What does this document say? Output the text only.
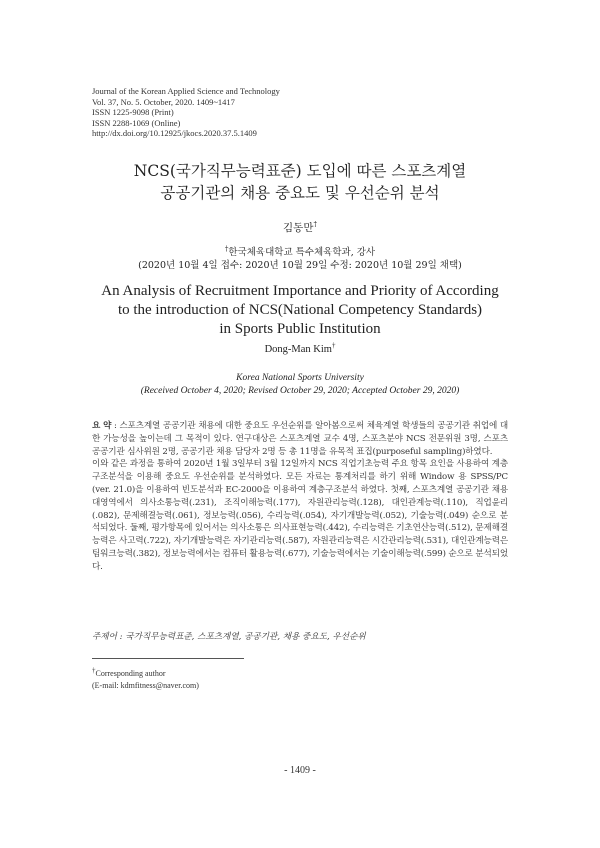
Journal of the Korean Applied Science and Technology
Vol. 37, No. 5. October, 2020. 1409~1417
ISSN 1225-9098 (Print)
ISSN 2288-1069 (Online)
http://dx.doi.org/10.12925/jkocs.2020.37.5.1409
NCS(국가직무능력표준) 도입에 따른 스포츠계열
공공기관의 채용 중요도 및 우선순위 분석
김동만†
†한국체육대학교 특수체육학과, 강사
(2020년 10월 4일 접수: 2020년 10월 29일 수정: 2020년 10월 29일 채택)
An Analysis of Recruitment Importance and Priority of According
to the introduction of NCS(National Competency Standards)
in Sports Public Institution
Dong-Man Kim†
Korea National Sports University
(Received October 4, 2020; Revised October 29, 2020; Accepted October 29, 2020)

요 약 : 스포츠계열 공공기관 채용에 대한 중요도 우선순위를 알아봄으로써 체육계열 학생들의 공공기관 취업에 대한 가능성을 높이는데 그 목적이 있다. 연구대상은 스포츠계열 교수 4명, 스포츠분야 NCS 전문위원 3명, 스포츠 공공기관 심사위원 2명, 공공기관 채용 담당자 2명 등 총 11명을 유목적 표집(purposeful sampling)하였다.

이와 같은 과정을 통하여 2020년 1월 3일부터 3월 12일까지 NCS 직업기초능력 주요 항목 요인을 사용하여 계층구조분석을 이용해 중요도 우선순위를 분석하였다. 모든 자료는 통계처리를 하기 위해 Window 용 SPSS/PC (ver. 21.0)을 이용하여 빈도분석과 EC-2000을 이용하여 계층구조분석 하였다. 첫째, 스포츠계열 공공기관 채용 대영역에서 의사소통능력(.231), 조직이해능력(.177), 자원관리능력(.128), 대인관계능력(.110), 직업윤리(.082), 문제해결능력(.061), 정보능력(.056), 수리능력(.054), 자기개발능력(.052), 기술능력(.049) 순으로 분석되었다. 둘째, 평가항목에 있어서는 의사소통은 의사표현능력(.442), 수리능력은 기초연산능력(.512), 문제해결능력은 사고력(.722), 자기개발능력은 자기관리능력(.587), 자원관리능력은 시간관리능력(.531), 대인관계능력은 팀워크능력(.382), 정보능력에서는 컴퓨터 활용능력(.677), 기술능력에서는 기술이해능력(.599) 순으로 분석되었다.

주제어 : 국가직무능력표준, 스포츠계열, 공공기관, 채용 중요도, 우선순위
†Corresponding author
(E-mail: kdmfitness@naver.com)
- 1409 -
